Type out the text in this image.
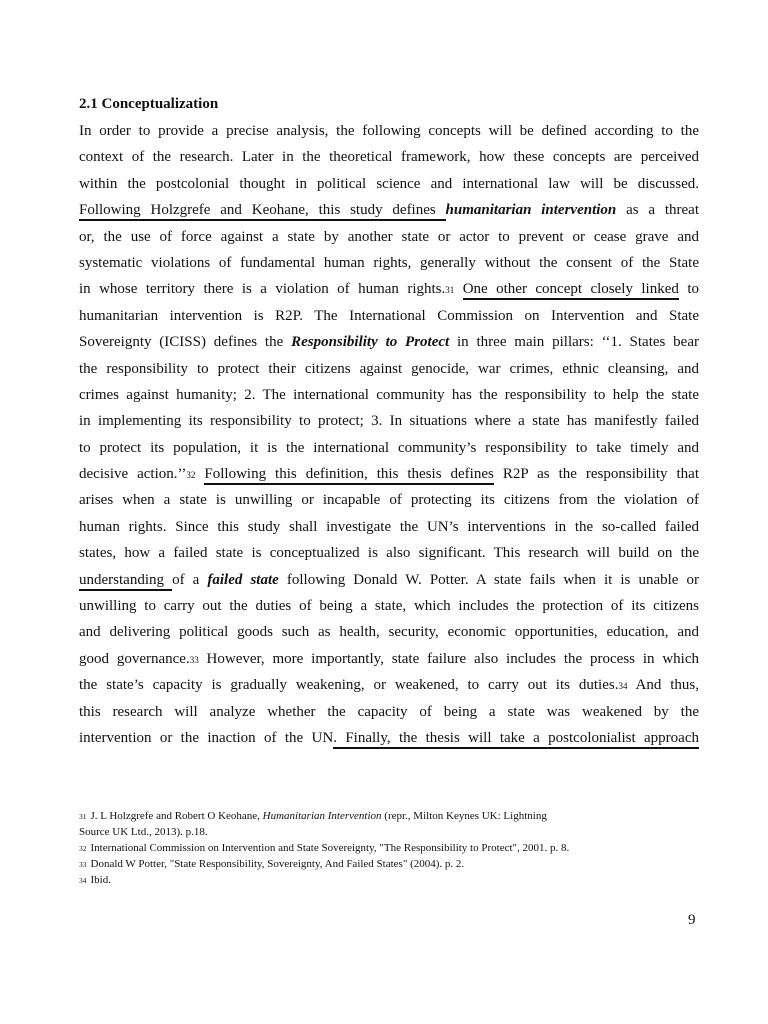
2.1 Conceptualization
In order to provide a precise analysis, the following concepts will be defined according to the
context of the research. Later in the theoretical framework, how these concepts are perceived
within the postcolonial thought in political science and international law will be discussed.
Following Holzgrefe and Keohane, this study defines humanitarian intervention as a threat
or, the use of force against a state by another state or actor to prevent or cease grave and
systematic violations of fundamental human rights, generally without the consent of the State
in whose territory there is a violation of human rights.31 One other concept closely linked to
humanitarian intervention is R2P. The International Commission on Intervention and State
Sovereignty (ICISS) defines the Responsibility to Protect in three main pillars: ‘‘1. States bear
the responsibility to protect their citizens against genocide, war crimes, ethnic cleansing, and
crimes against humanity; 2. The international community has the responsibility to help the state
in implementing its responsibility to protect; 3. In situations where a state has manifestly failed
to protect its population, it is the international community’s responsibility to take timely and
decisive action.’’32 Following this definition, this thesis defines R2P as the responsibility that
arises when a state is unwilling or incapable of protecting its citizens from the violation of
human rights. Since this study shall investigate the UN’s interventions in the so-called failed
states, how a failed state is conceptualized is also significant. This research will build on the
understanding of a failed state following Donald W. Potter. A state fails when it is unable or
unwilling to carry out the duties of being a state, which includes the protection of its citizens
and delivering political goods such as health, security, economic opportunities, education, and
good governance.33 However, more importantly, state failure also includes the process in which
the state’s capacity is gradually weakening, or weakened, to carry out its duties.34 And thus,
this research will analyze whether the capacity of being a state was weakened by the
intervention or the inaction of the UN. Finally, the thesis will take a postcolonialist approach
31 J. L Holzgrefe and Robert O Keohane, Humanitarian Intervention (repr., Milton Keynes UK: Lightning
Source UK Ltd., 2013). p.18.
32 International Commission on Intervention and State Sovereignty, "The Responsibility to Protect", 2001. p. 8.
33 Donald W Potter, "State Responsibility, Sovereignty, And Failed States" (2004). p. 2.
34 Ibid.
9
